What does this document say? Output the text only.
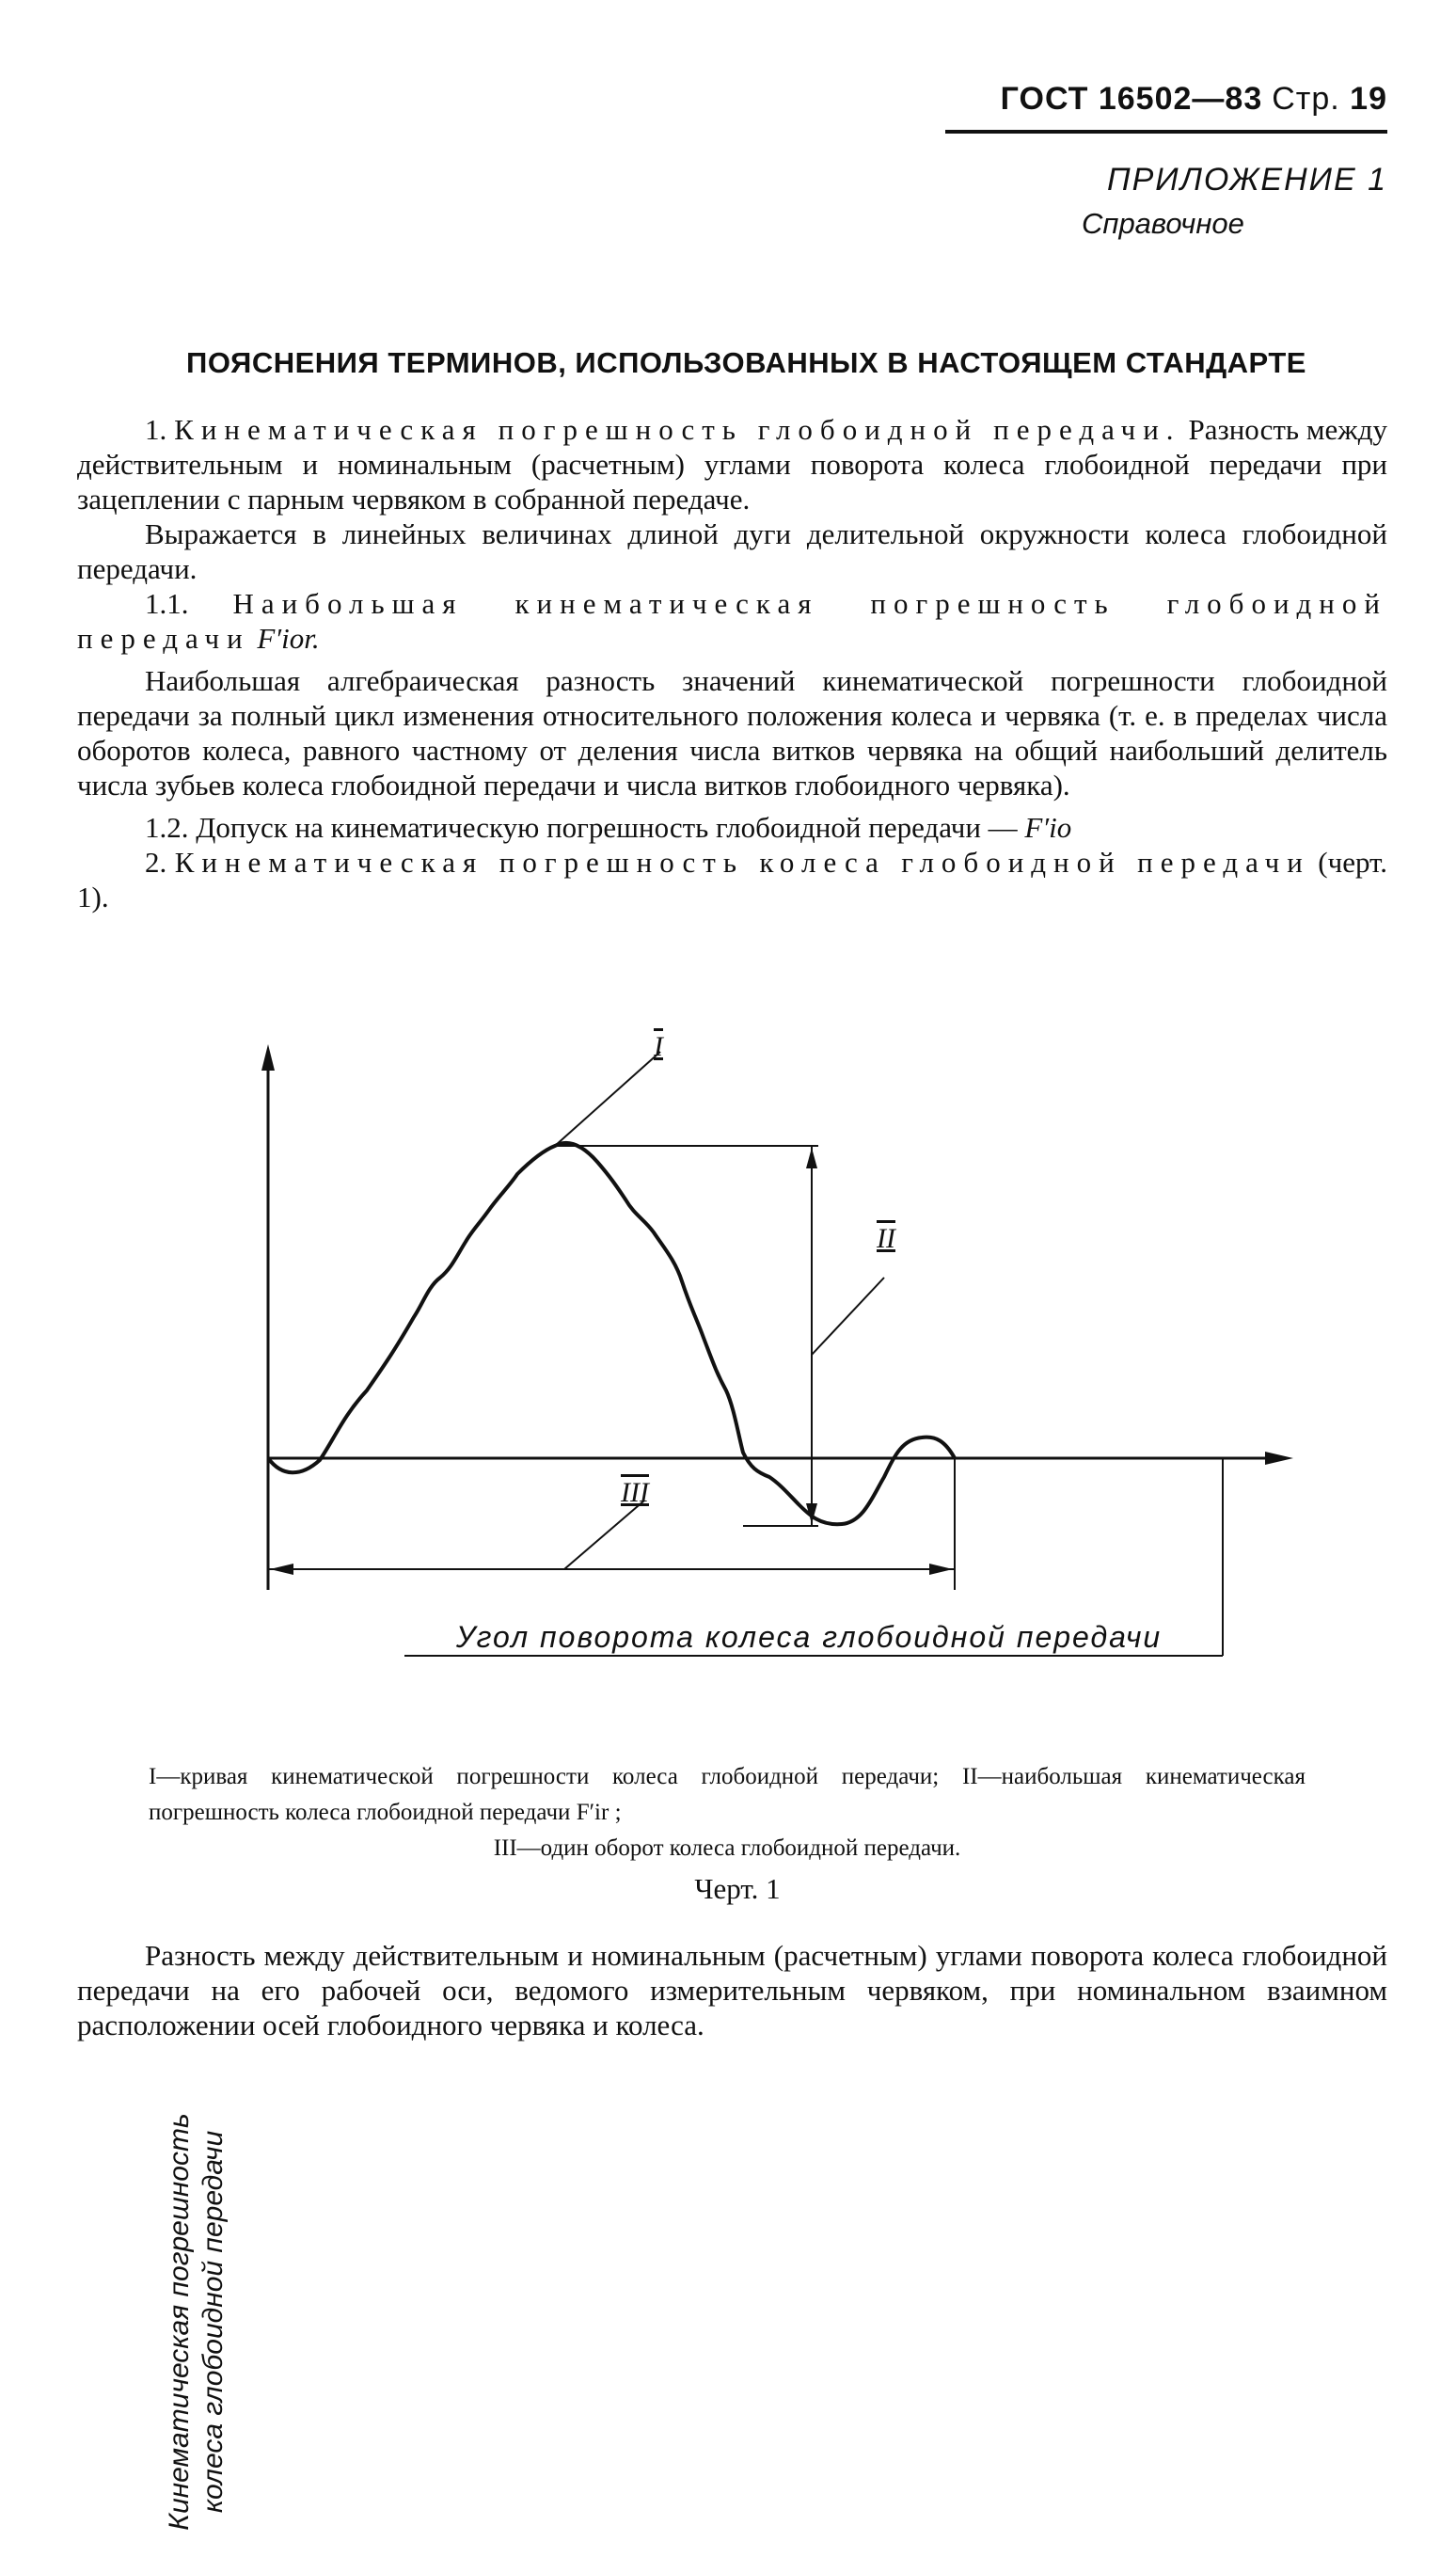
ГОСТ 16502—83 Стр. 19
ПРИЛОЖЕНИЕ 1
Справочное
ПОЯСНЕНИЯ ТЕРМИНОВ, ИСПОЛЬЗОВАННЫХ В НАСТОЯЩЕМ СТАНДАРТЕ

1. Кинематическая погрешность глобоидной передачи. Разность между действительным и номинальным (расчетным) углами поворота колеса глобоидной передачи при зацеплении с парным червяком в собранной передаче.

Выражается в линейных величинах длиной дуги делительной окружности колеса глобоидной передачи.

1.1. Наибольшая кинематическая погрешность глобоидной передачи F′ior.

Наибольшая алгебраическая разность значений кинематической погрешности глобоидной передачи за полный цикл изменения относительного положения колеса и червяка (т. е. в пределах числа оборотов колеса, равного частному от деления числа витков червяка на общий наибольший делитель числа зубьев колеса глобоидной передачи и числа витков глобоидного червяка).

1.2. Допуск на кинематическую погрешность глобоидной передачи — F′io

2. Кинематическая погрешность колеса глобоидной передачи (черт. 1).

I
II
III
Кинематическая погрешность колеса глобоидной передачи
Угол поворота колеса глобоидной передачи

I—кривая кинематической погрешности колеса глобоидной передачи; II—наибольшая кинематическая погрешность колеса глобоидной передачи F′ir ;

III—один оборот колеса глобоидной передачи.

Черт. 1

Разность между действительным и номинальным (расчетным) углами поворота колеса глобоидной передачи на его рабочей оси, ведомого измерительным червяком, при номинальном взаимном расположении осей глобоидного червяка и колеса.
